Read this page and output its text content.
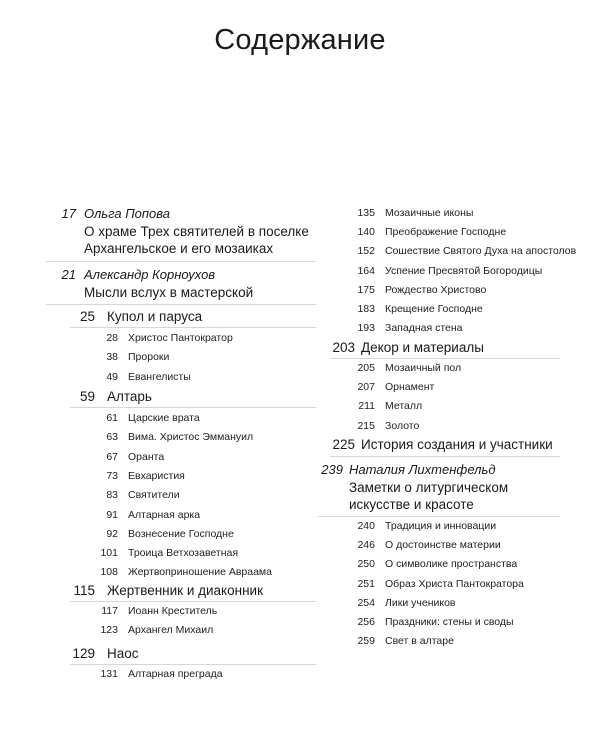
Содержание
17 Ольга Попова
О храме Трех святителей в поселке
Архангельское и его мозаиках
21 Александр Корноухов
Мысли вслух в мастерской
25 Купол и паруса
28 Христос Пантократор
38 Пророки
49 Евангелисты
59 Алтарь
61 Царские врата
63 Вима. Христос Эммануил
67 Оранта
73 Евхаристия
83 Святители
91 Алтарная арка
92 Вознесение Господне
101 Троица Ветхозаветная
108 Жертвоприношение Авраама
115 Жертвенник и диаконник
117 Иоанн Креститель
123 Архангел Михаил
129 Наос
131 Алтарная преграда
135 Мозаичные иконы
140 Преображение Господне
152 Сошествие Святого Духа на апостолов
164 Успение Пресвятой Богородицы
175 Рождество Христово
183 Крещение Господне
193 Западная стена
203 Декор и материалы
205 Мозаичный пол
207 Орнамент
211 Металл
215 Золото
225 История создания и участники
239 Наталия Лихтенфельд
Заметки о литургическом
искусстве и красоте
240 Традиция и инновации
246 О достоинстве материи
250 О символике пространства
251 Образ Христа Пантократора
254 Лики учеников
256 Праздники: стены и своды
259 Свет в алтаре
